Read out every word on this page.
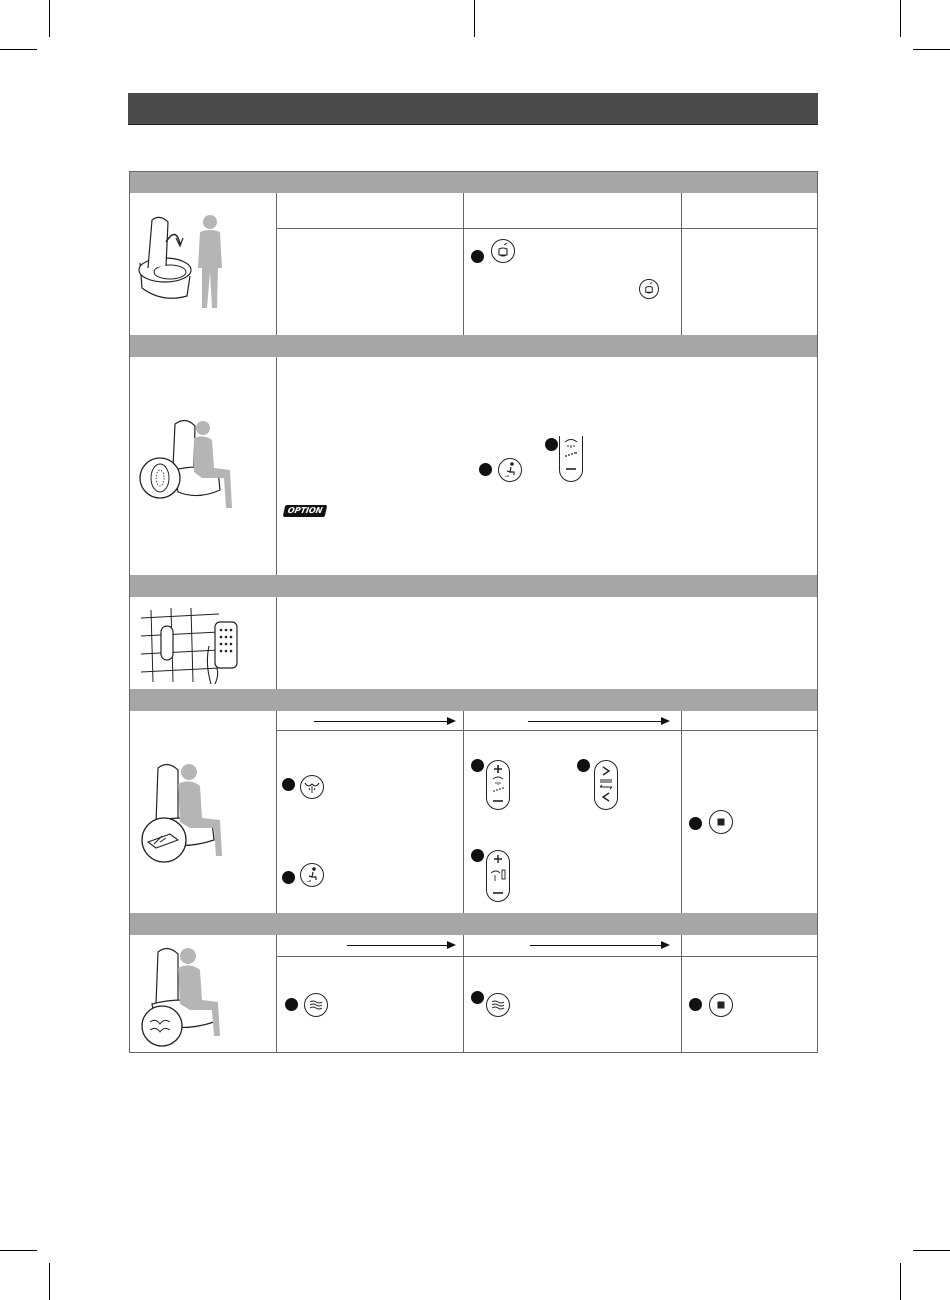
OPTION
